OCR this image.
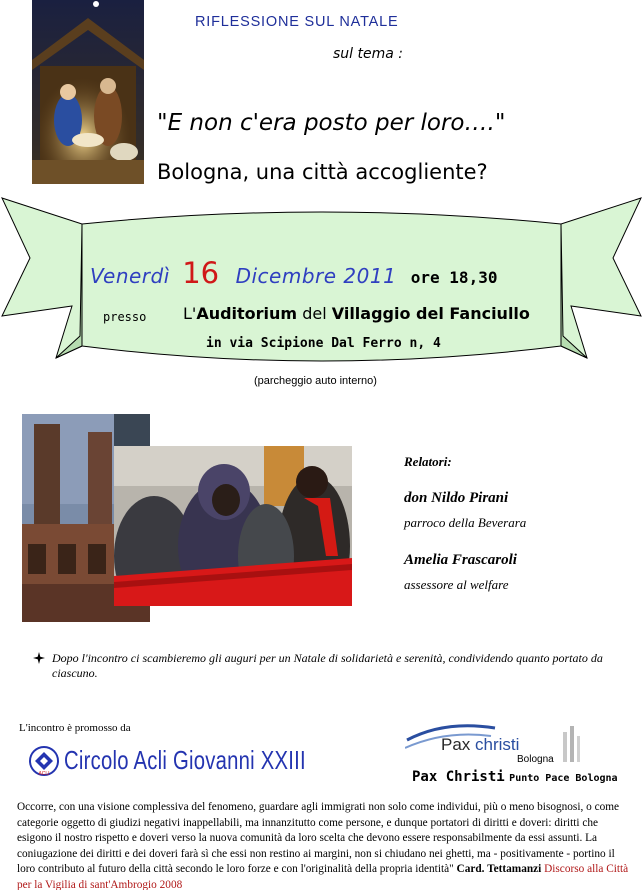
RIFLESSIONE SUL NATALE
sul tema :
"E non c'era posto per loro…."
Bologna, una città accogliente?
Venerdì 16 Dicembre 2011 ore 18,30
presso L'Auditorium del Villaggio del Fanciullo
in via Scipione Dal Ferro n, 4
(parcheggio auto interno)
Relatori:
don Nildo Pirani
parroco della Beverara
Amelia Frascaroli
assessore al welfare
Dopo l'incontro ci scambieremo gli auguri per un Natale di solidarietà e serenità, condividendo quanto portato da ciascuno.
L'incontro è promosso da
ACLI Circolo Acli Giovanni XXIII
Pax christi
Bologna
Pax Christi Punto Pace Bologna
Occorre, con una visione complessiva del fenomeno, guardare agli immigrati non solo come individui, più o meno bisognosi, o come categorie oggetto di giudizi negativi inappellabili, ma innanzitutto come persone, e dunque portatori di diritti e doveri: diritti che esigono il nostro rispetto e doveri verso la nuova comunità da loro scelta che devono essere responsabilmente da essi assunti. La coniugazione dei diritti e dei doveri farà sì che essi non restino ai margini, non si chiudano nei ghetti, ma - positivamente - portino il loro contributo al futuro della città secondo le loro forze e con l'originalità della propria identità" Card. Tettamanzi Discorso alla Città per la Vigilia di sant'Ambrogio 2008
